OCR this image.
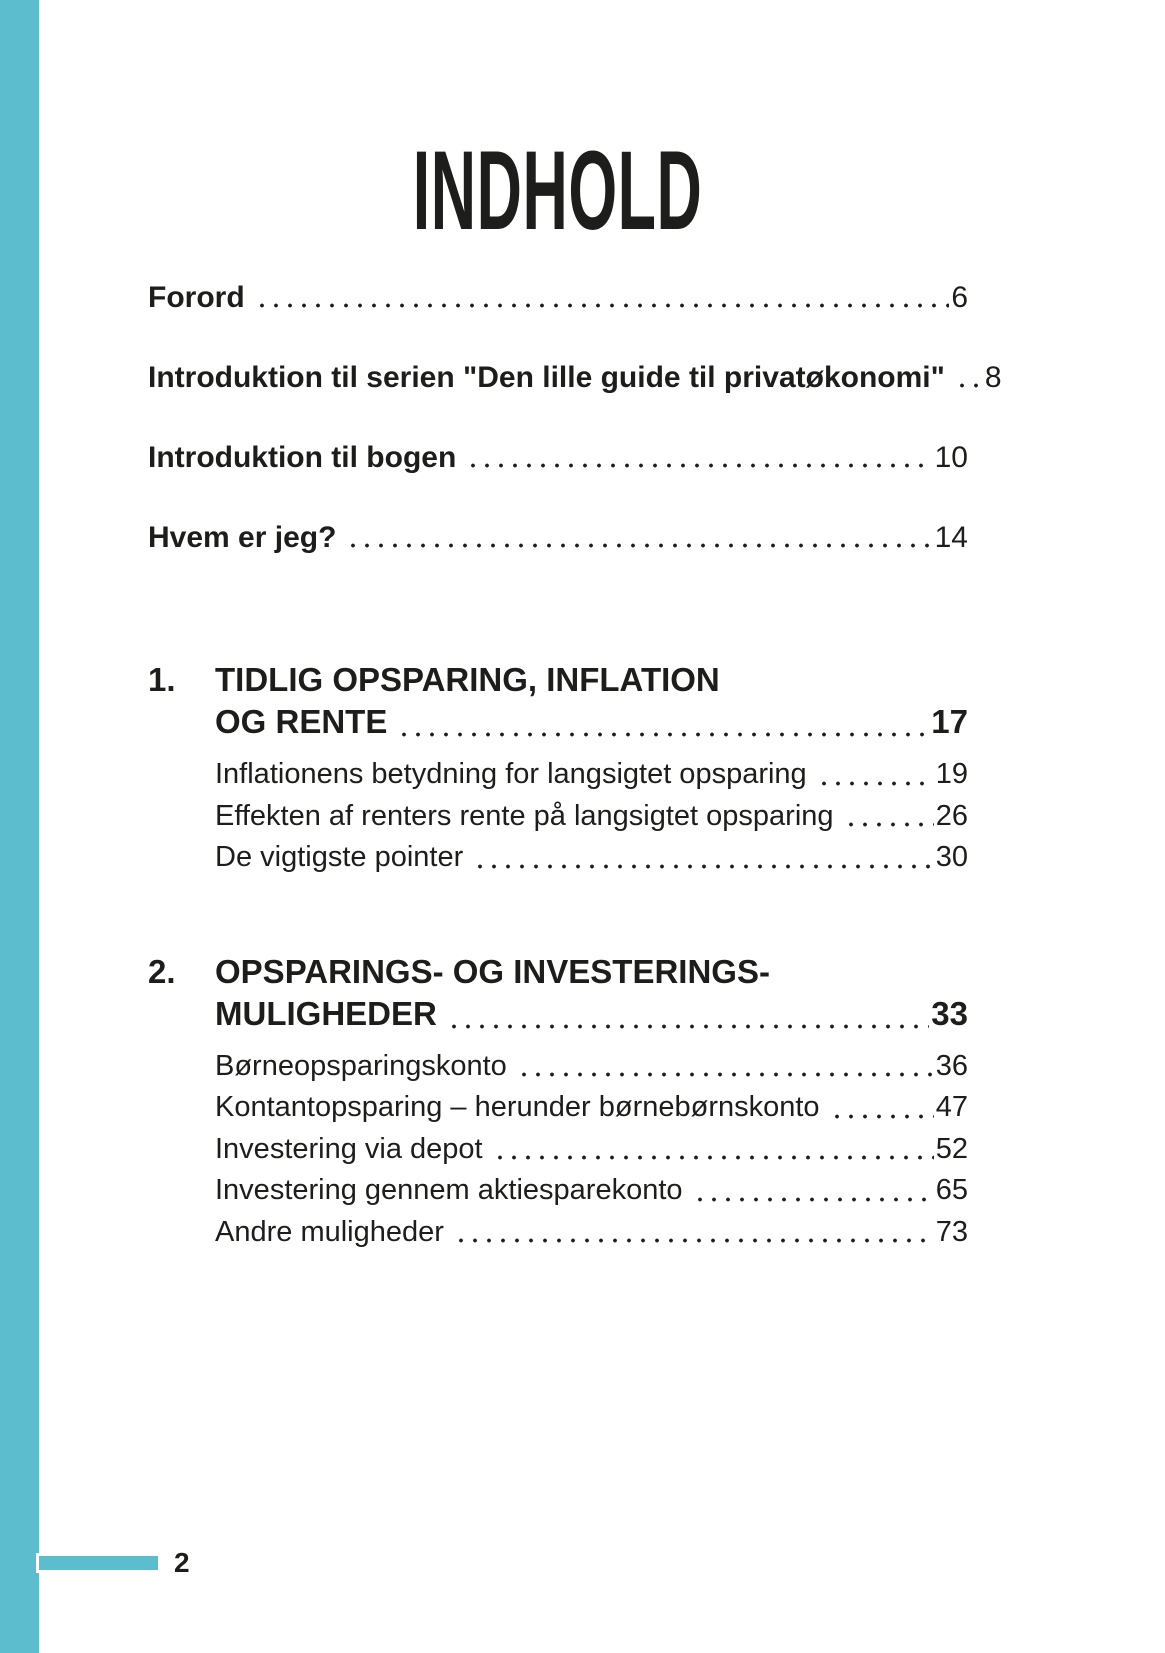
INDHOLD
Forord	6
Introduktion til serien "Den lille guide til privatøkonomi" 8
Introduktion til bogen	10
Hvem er jeg?	14
1.	TIDLIG OPSPARING, INFLATION
OG RENTE	17
Inflationens betydning for langsigtet opsparing	19
Effekten af renters rente på langsigtet opsparing	26
De vigtigste pointer	30
2.	OPSPARINGS- OG INVESTERINGS-
MULIGHEDER	33
Børneopsparingskonto	36
Kontantopsparing – herunder børnebørnskonto	47
Investering via depot	52
Investering gennem aktiesparekonto	65
Andre muligheder	73
2
